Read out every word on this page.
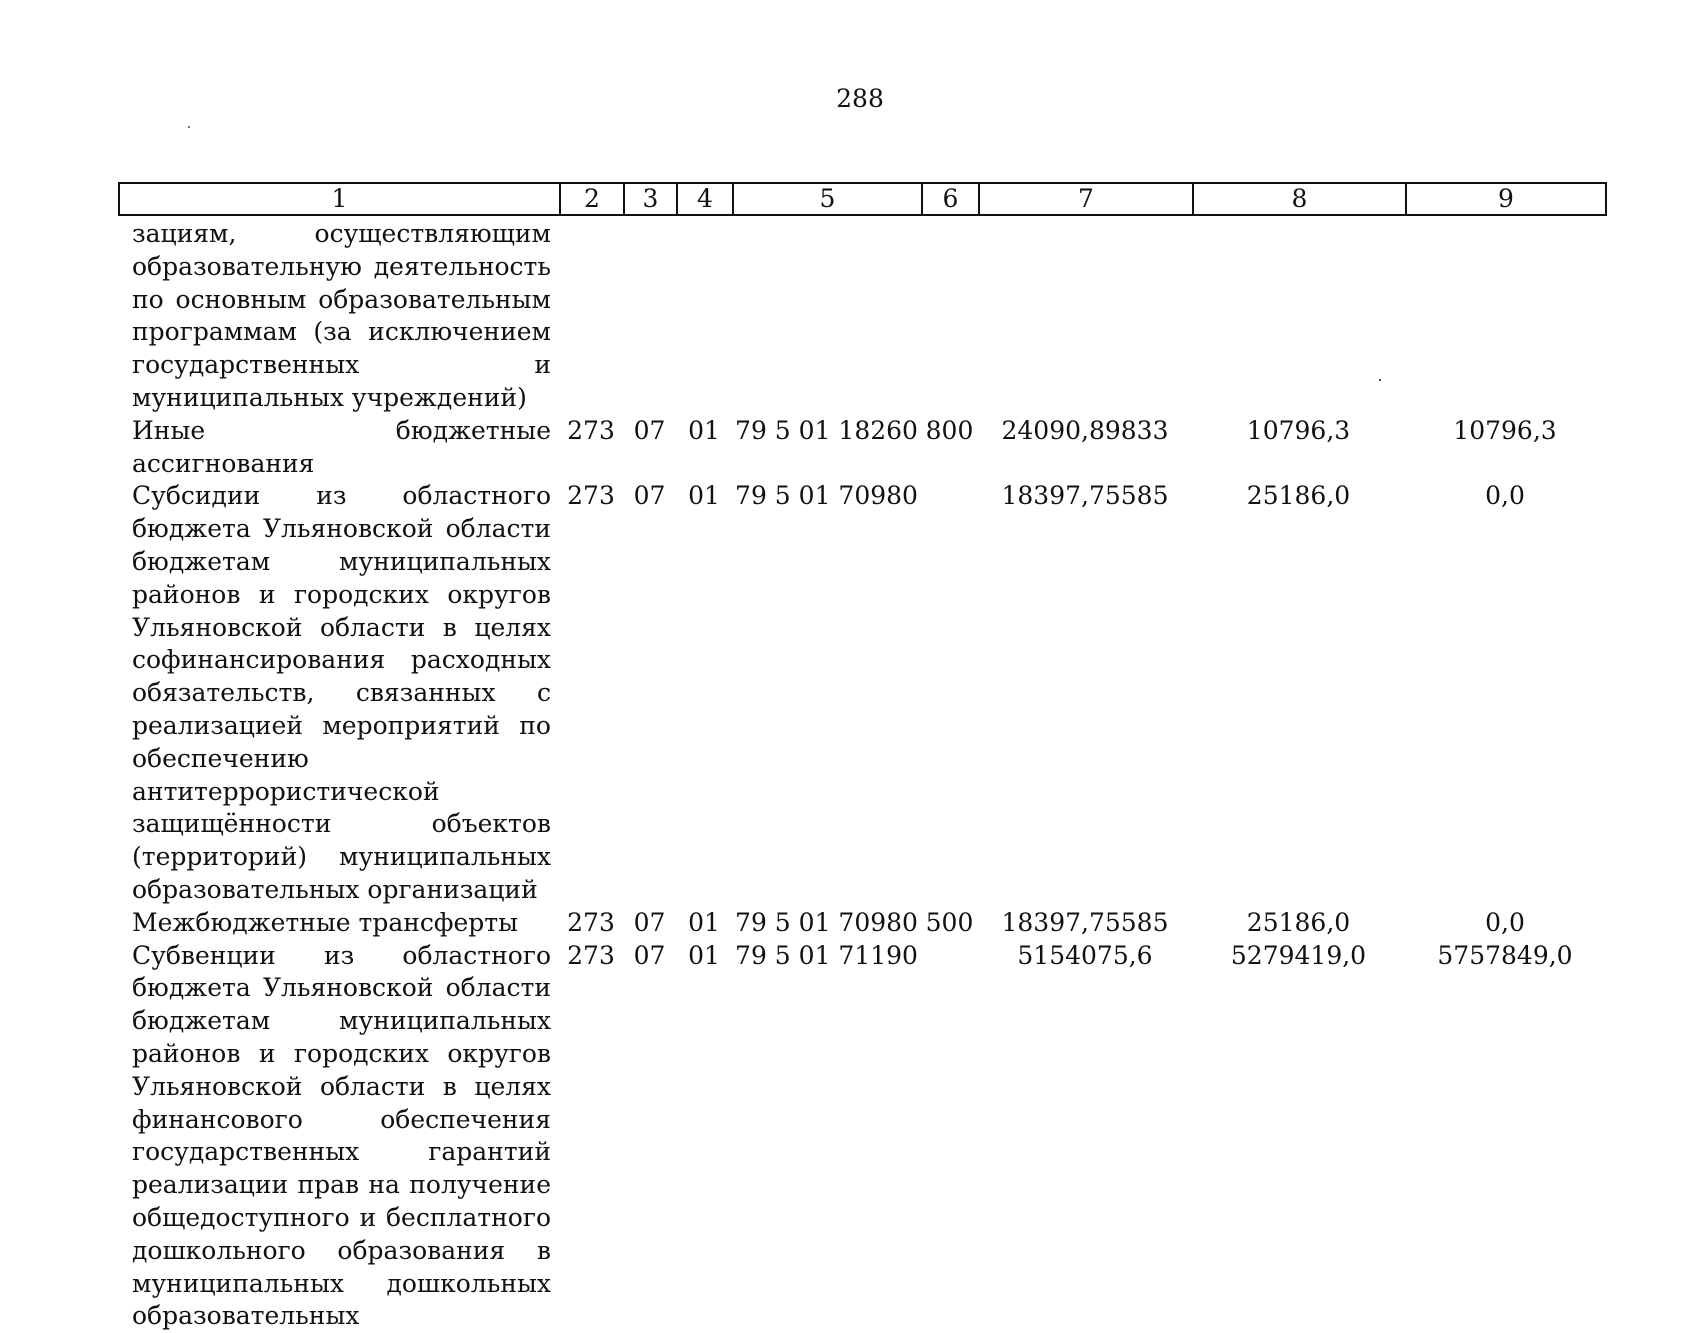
288
1	2	3	4	5	6	7	8	9
зациям, осуществляющим образовательную деятельность по основным образовательным программам (за исключением государственных и муниципальных учреждений)								
Иные бюджетные ассигнования	273	07	01	79 5 01 18260	800	24090,89833	10796,3	10796,3
Субсидии из областного бюджета Ульяновской области бюджетам муниципальных районов и городских округов Ульяновской области в целях софинансирования расходных обязательств, связанных с реализацией мероприятий по обеспечению антитеррористической защищённости объектов (территорий) муниципальных образовательных организаций	273	07	01	79 5 01 70980		18397,75585	25186,0	0,0
Межбюджетные трансферты	273	07	01	79 5 01 70980	500	18397,75585	25186,0	0,0
Субвенции из областного бюджета Ульяновской области бюджетам муниципальных районов и городских округов Ульяновской области в целях финансового обеспечения государственных гарантий реализации прав на получение общедоступного и бесплатного дошкольного образования в муниципальных дошкольных образовательных	273	07	01	79 5 01 71190		5154075,6	5279419,0	5757849,0
